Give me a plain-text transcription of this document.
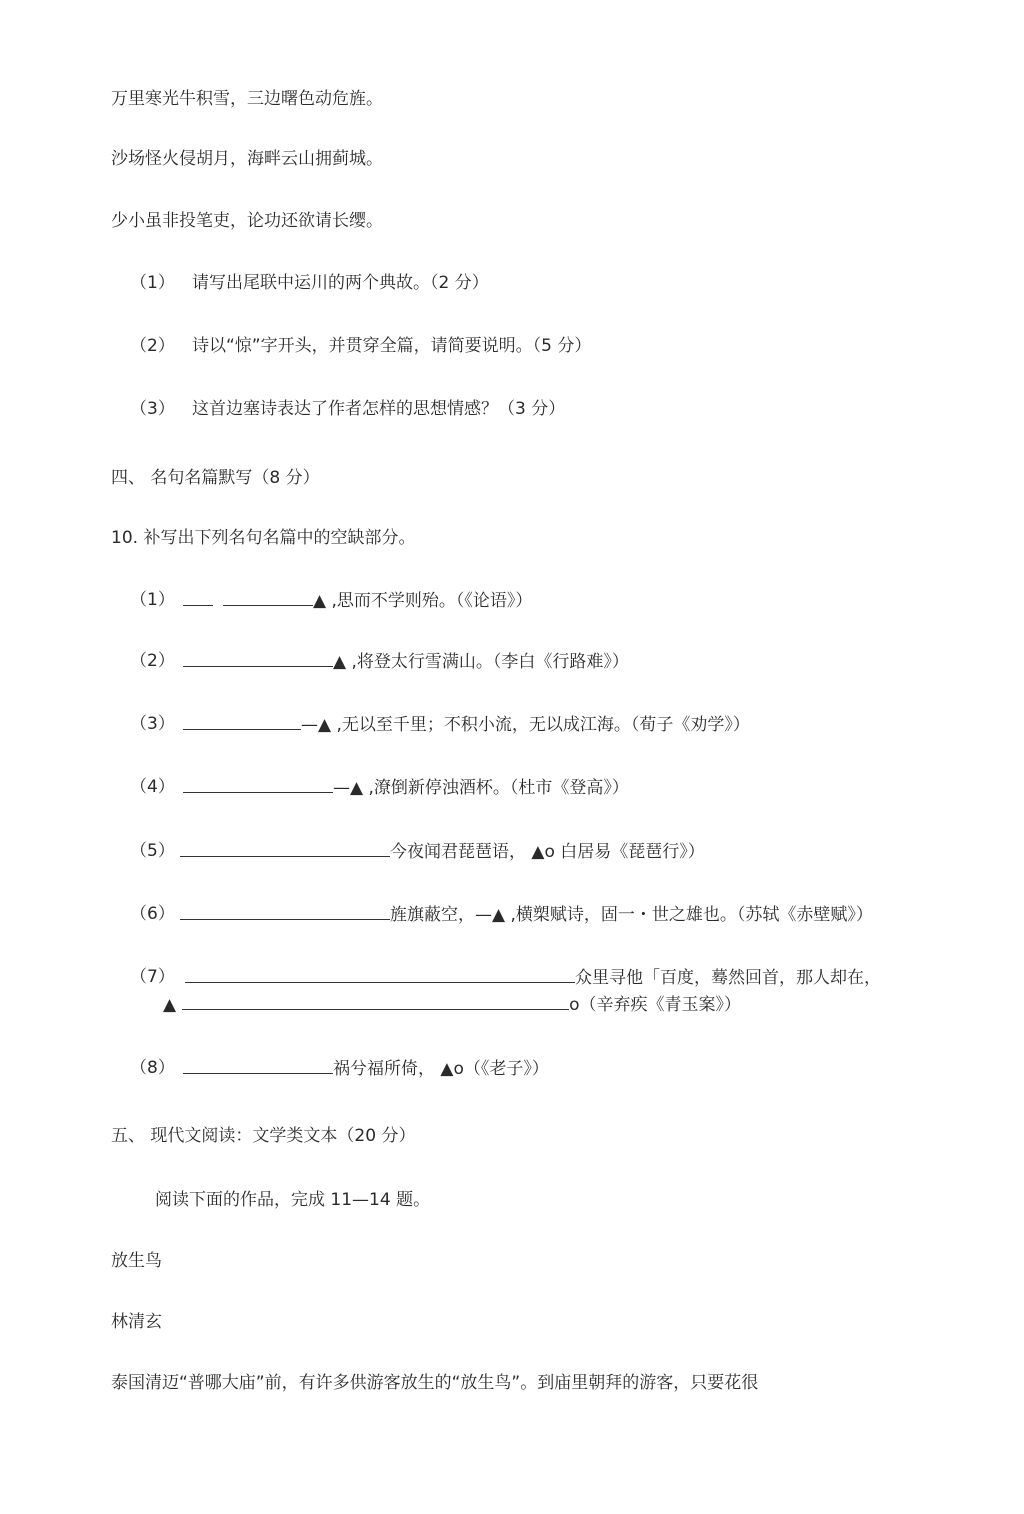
万里寒光牛积雪，三边曙色动危旌。
沙场怪火侵胡月，海畔云山拥蓟城。
少小虽非投笔吏，论功还欲请长缨。
（1） 请写出尾联中运川的两个典故。（2 分）
（2） 诗以“惊”字开头，并贯穿全篇，请简要说明。（5 分）
（3） 这首边塞诗表达了作者怎样的思想情感？（3 分）
四、 名句名篇默写（8 分）
10. 补写出下列名句名篇中的空缺部分。
（1）	▲ ,思而不学则殆。（《论语》）
（2）	▲ ,将登太行雪满山。（李白《行路难》）
（3）	—▲ ,无以至千里；不积小流，无以成江海。（荀子《劝学》）
（4）	—▲ ,潦倒新停浊酒杯。（杜市《登高》）
（5）	今夜闻君琵琶语， ▲o 白居易《琵琶行》）
（6）	旌旗蔽空，—▲ ,横槊赋诗，固一・世之雄也。（苏轼《赤壁赋》）
（7）	众里寻他「百度，蓦然回首，那人却在，
▲	o（辛弃疾《青玉案》）
（8）	祸兮福所倚， ▲o（《老子》）
五、 现代文阅读：文学类文本（20 分）
阅读下面的作品，完成 11—14 题。
放生鸟
林清玄
泰国清迈“普哪大庙”前，有许多供游客放生的“放生鸟”。到庙里朝拜的游客，只要花很
